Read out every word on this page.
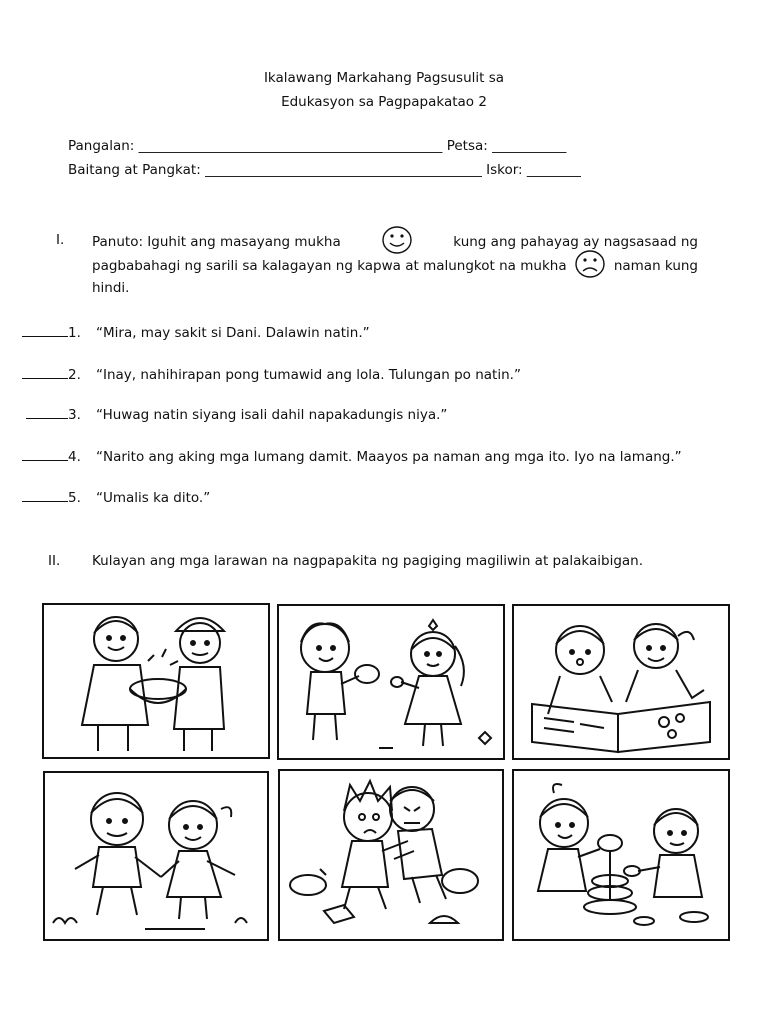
Ikalawang Markahang Pagsusulit sa
Edukasyon sa Pagpapakatao 2
Pangalan: _____________________________________________ Petsa: ___________
Baitang at Pangkat: _________________________________________ Iskor: ________
I. Panuto: Iguhit ang masayang mukha	kung ang pahayag ay nagsasaad ng
pagbabahagi ng sarili sa kalagayan ng kapwa at malungkot na mukha	naman kung
hindi.
1. “Mira, may sakit si Dani. Dalawin natin.”
2. “Inay, nahihirapan pong tumawid ang lola. Tulungan po natin.”
3. “Huwag natin siyang isali dahil napakadungis niya.”
4. “Narito ang aking mga lumang damit. Maayos pa naman ang mga ito. Iyo na lamang.”
5. “Umalis ka dito.”
II. Kulayan ang mga larawan na nagpapakita ng pagiging magiliwin at palakaibigan.
